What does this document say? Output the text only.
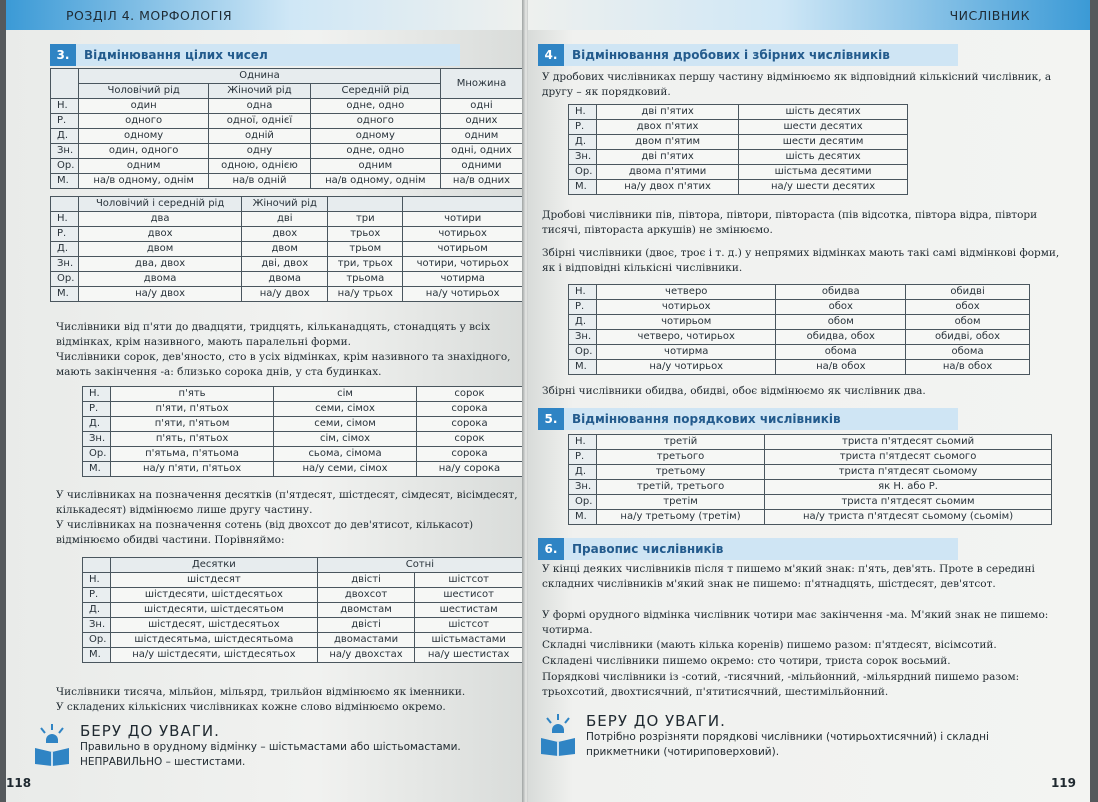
РОЗДІЛ 4. МОРФОЛОГІЯ
3.	Відмінювання цілих чисел
	Однина			Множина
	Чоловічий рід	Жіночий рід	Середній рід	
Н.	один	одна	одне, одно	одні
Р.	одного	одної, однієї	одного	одних
Д.	одному	одній	одному	одним
Зн.	один, одного	одну	одне, одно	одні, одних
Ор.	одним	одною, однією	одним	одними
М.	на/в одному, однім	на/в одній	на/в одному, однім	на/в одних
	Чоловічий і середній рід	Жіночий рід		
Н.	два	дві	три	чотири
Р.	двох	двох	трьох	чотирьох
Д.	двом	двом	трьом	чотирьом
Зн.	два, двох	дві, двох	три, трьох	чотири, чотирьох
Ор.	двома	двома	трьома	чотирма
М.	на/у двох	на/у двох	на/у трьох	на/у чотирьох
Числівники від п'яти до двадцяти, тридцять, кільканадцять, стонадцять у всіх відмінках, крім називного, мають паралельні форми.
Числівники сорок, дев'яносто, сто в усіх відмінках, крім називного та знахідного, мають закінчення -а: близько сорока днів, у ста будинках.
Н.	п'ять	сім	сорок
Р.	п'яти, п'ятьох	семи, сімох	сорока
Д.	п'яти, п'ятьом	семи, сімом	сорока
Зн.	п'ять, п'ятьох	сім, сімох	сорок
Ор.	п'ятьма, п'ятьома	сьома, сімома	сорока
М.	на/у п'яти, п'ятьох	на/у семи, сімох	на/у сорока
У числівниках на позначення десятків (п'ятдесят, шістдесят, сімдесят, вісімдесят, кількадесят) відмінюємо лише другу частину.
У числівниках на позначення сотень (від двохсот до дев'ятисот, кількасот) відмінюємо обидві частини. Порівняймо:
	Десятки	Сотні	
Н.	шістдесят	двісті	шістсот
Р.	шістдесяти, шістдесятьох	двохсот	шестисот
Д.	шістдесяти, шістдесятьом	двомстам	шестистам
Зн.	шістдесят, шістдесятьох	двісті	шістсот
Ор.	шістдесятьма, шістдесятьома	двомастами	шістьмастами
М.	на/у шістдесяти, шістдесятьох	на/у двохстах	на/у шестистах
Числівники тисяча, мільйон, мільярд, трильйон відмінюємо як іменники.
У складених кількісних числівниках кожне слово відмінюємо окремо.
БЕРУ ДО УВАГИ.
Правильно в орудному відмінку – шістьмастами або шістьомастами.
НЕПРАВИЛЬНО – шестистами.
118
ЧИСЛІВНИК
4.	Відмінювання дробових і збірних числівників
У дробових числівниках першу частину відмінюємо як відповідний кількісний числівник, а другу – як порядковий.
Н.	дві п'ятих	шість десятих
Р.	двох п'ятих	шести десятих
Д.	двом п'ятим	шести десятим
Зн.	дві п'ятих	шість десятих
Ор.	двома п'ятими	шістьма десятими
М.	на/у двох п'ятих	на/у шести десятих
Дробові числівники пів, півтора, півтори, півтораста (пів відсотка, півтора відра, півтори тисячі, півтораста аркушів) не змінюємо.
Збірні числівники (двоє, троє і т. д.) у непрямих відмінках мають такі самі відмінкові форми, як і відповідні кількісні числівники.
Н.	четверо	обидва	обидві
Р.	чотирьох	обох	обох
Д.	чотирьом	обом	обом
Зн.	четверо, чотирьох	обидва, обох	обидві, обох
Ор.	чотирма	обома	обома
М.	на/у чотирьох	на/в обох	на/в обох
Збірні числівники обидва, обидві, обоє відмінюємо як числівник два.
5.	Відмінювання порядкових числівників
Н.	третій	триста п'ятдесят сьомий
Р.	третього	триста п'ятдесят сьомого
Д.	третьому	триста п'ятдесят сьомому
Зн.	третій, третього	як Н. або Р.
Ор.	третім	триста п'ятдесят сьомим
М.	на/у третьому (третім)	на/у триста п'ятдесят сьомому (сьомім)
6.	Правопис числівників
У кінці деяких числівників після т пишемо м'який знак: п'ять, дев'ять. Проте в середині складних числівників м'який знак не пишемо: п'ятнадцять, шістдесят, дев'ятсот.
У формі орудного відмінка числівник чотири має закінчення -ма. М'який знак не пишемо: чотирма.
Складні числівники (мають кілька коренів) пишемо разом: п'ятдесят, вісімсотий.
Складені числівники пишемо окремо: сто чотири, триста сорок восьмий.
Порядкові числівники із -сотий, -тисячний, -мільйонний, -мільярдний пишемо разом: трьохсотий, двохтисячний, п'ятитисячний, шестимільйонний.
БЕРУ ДО УВАГИ.
Потрібно розрізняти порядкові числівники (чотирьохтисячний) і складні прикметники (чотириповерховий).
119
